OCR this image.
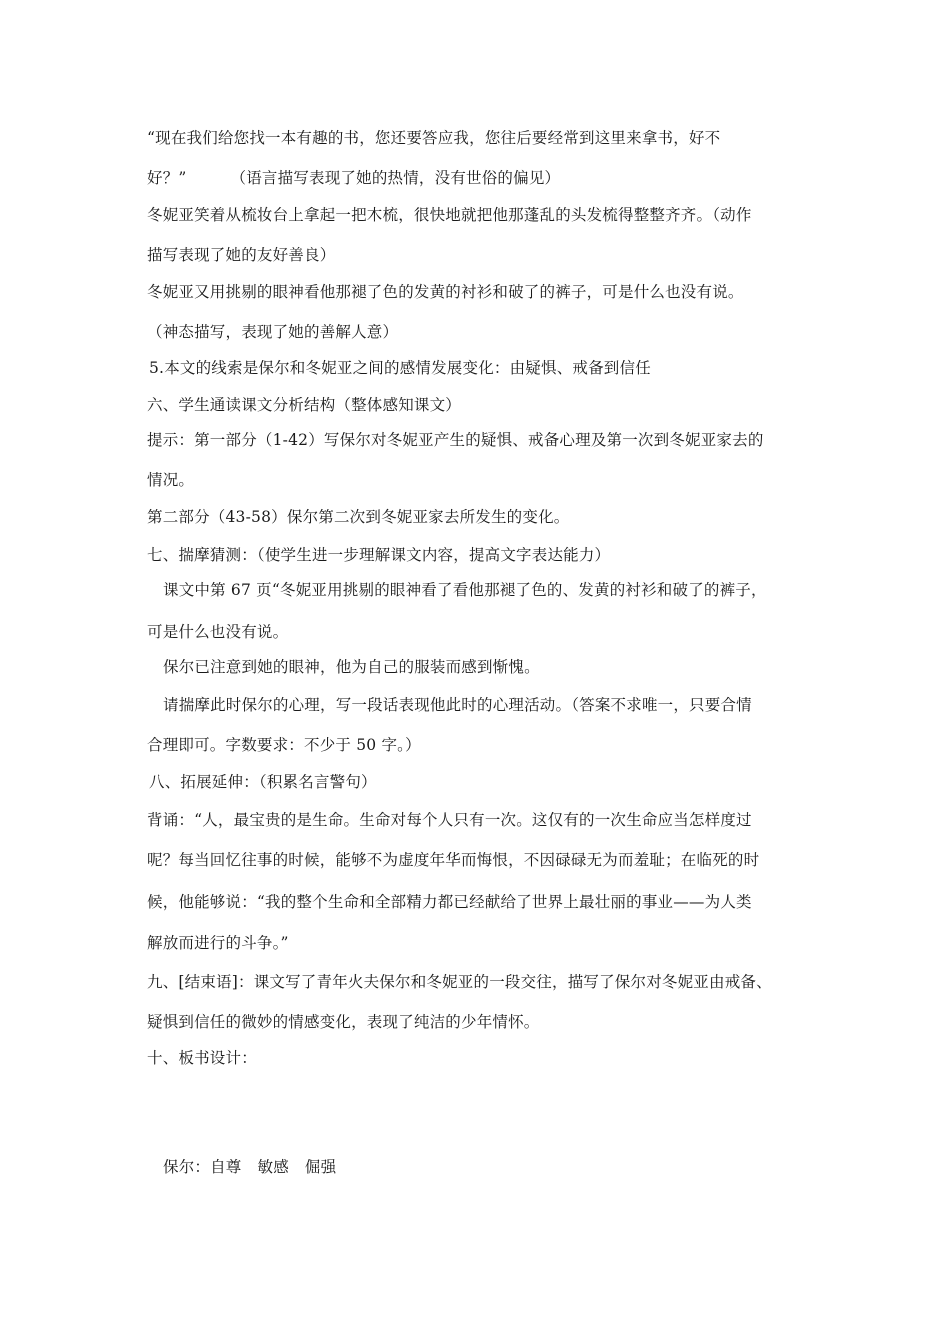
“现在我们给您找一本有趣的书，您还要答应我，您往后要经常到这里来拿书，好不
好？”	（语言描写表现了她的热情，没有世俗的偏见）
冬妮亚笑着从梳妆台上拿起一把木梳，很快地就把他那蓬乱的头发梳得整整齐齐。（动作
描写表现了她的友好善良）
冬妮亚又用挑剔的眼神看他那褪了色的发黄的衬衫和破了的裤子，可是什么也没有说。
（神态描写，表现了她的善解人意）
5.本文的线索是保尔和冬妮亚之间的感情发展变化：由疑惧、戒备到信任
六、学生通读课文分析结构（整体感知课文）
提示：第一部分（1-42）写保尔对冬妮亚产生的疑惧、戒备心理及第一次到冬妮亚家去的
情况。
第二部分（43-58）保尔第二次到冬妮亚家去所发生的变化。
七、揣摩猜测：（使学生进一步理解课文内容，提高文字表达能力）
课文中第 67 页“冬妮亚用挑剔的眼神看了看他那褪了色的、发黄的衬衫和破了的裤子，
可是什么也没有说。
保尔已注意到她的眼神，他为自己的服装而感到惭愧。
请揣摩此时保尔的心理，写一段话表现他此时的心理活动。（答案不求唯一，只要合情
合理即可。字数要求：不少于 50 字。）
八、拓展延伸：（积累名言警句）
背诵：“人，最宝贵的是生命。生命对每个人只有一次。这仅有的一次生命应当怎样度过
呢？每当回忆往事的时候，能够不为虚度年华而悔恨，不因碌碌无为而羞耻；在临死的时
候，他能够说：“我的整个生命和全部精力都已经献给了世界上最壮丽的事业——为人类
解放而进行的斗争。”
九、[结束语]：课文写了青年火夫保尔和冬妮亚的一段交往，描写了保尔对冬妮亚由戒备、
疑惧到信任的微妙的情感变化，表现了纯洁的少年情怀。
十、板书设计：
保尔：自尊 敏感 倔强
